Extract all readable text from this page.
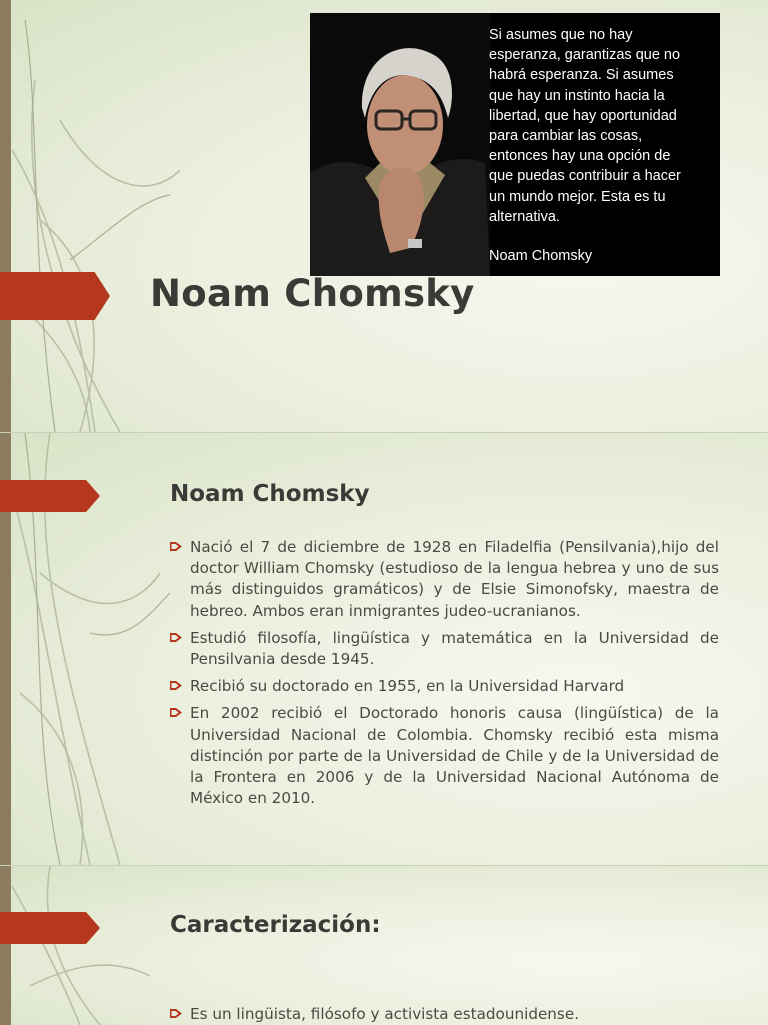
Si asumes que no hay
esperanza, garantizas que no
habrá esperanza. Si asumes
que hay un instinto hacia la
libertad, que hay oportunidad
para cambiar las cosas,
entonces hay una opción de
que puedas contribuir a hacer
un mundo mejor. Esta es tu
alternativa.
Noam Chomsky
Noam Chomsky
Noam Chomsky
Nació el 7 de diciembre de 1928 en Filadelfia (Pensilvania),hijo del doctor William Chomsky (estudioso de la lengua hebrea y uno de sus más distinguidos gramáticos) y de Elsie Simonofsky, maestra de hebreo. Ambos eran inmigrantes judeo-ucranianos.
Estudió filosofía, lingüística y matemática en la Universidad de Pensilvania desde 1945.
Recibió su doctorado en 1955, en la Universidad Harvard
En 2002 recibió el Doctorado honoris causa (lingüística) de la Universidad Nacional de Colombia. Chomsky recibió esta misma distinción por parte de la Universidad de Chile y de la Universidad de la Frontera en 2006 y de la Universidad Nacional Autónoma de México en 2010.
Caracterización:
Es un lingüista, filósofo y activista estadounidense.
